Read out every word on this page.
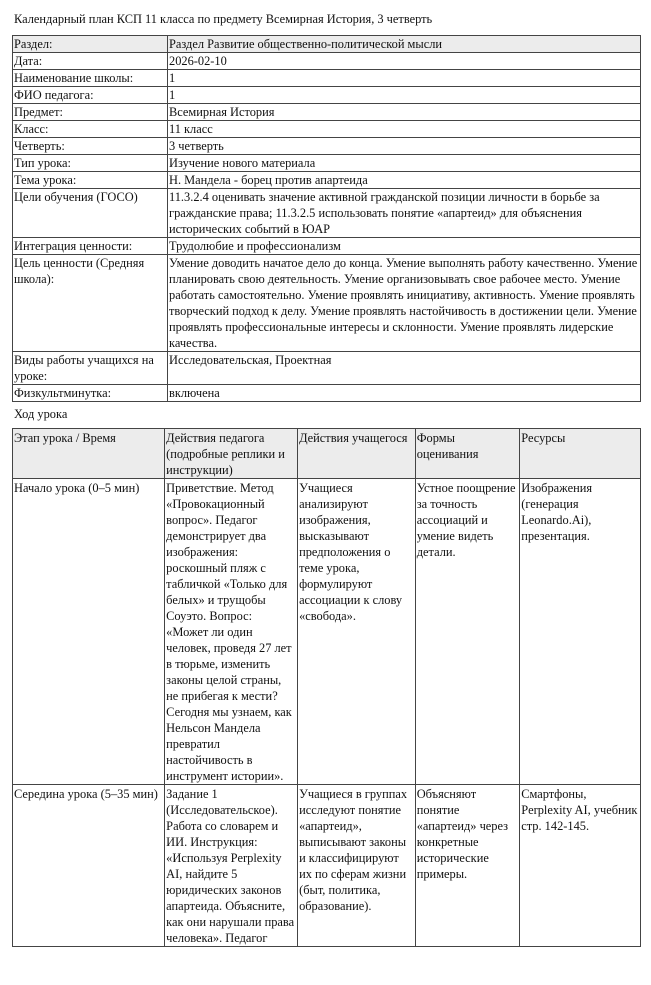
Календарный план КСП 11 класса по предмету Всемирная История, 3 четверть
Раздел:	Раздел Развитие общественно-политической мысли
Дата:	2026-02-10
Наименование школы:	1
ФИО педагога:	1
Предмет:	Всемирная История
Класс:	11 класс
Четверть:	3 четверть
Тип урока:	Изучение нового материала
Тема урока:	Н. Мандела - борец против апартеида
Цели обучения (ГОСО)	11.3.2.4 оценивать значение активной гражданской позиции личности в борьбе за гражданские права; 11.3.2.5 использовать понятие «апартеид» для объяснения исторических событий в ЮАР
Интеграция ценности:	Трудолюбие и профессионализм
Цель ценности (Средняя школа):	Умение доводить начатое дело до конца. Умение выполнять работу качественно. Умение планировать свою деятельность. Умение организовывать свое рабочее место. Умение работать самостоятельно. Умение проявлять инициативу, активность. Умение проявлять творческий подход к делу. Умение проявлять настойчивость в достижении цели. Умение проявлять профессиональные интересы и склонности. Умение проявлять лидерские качества.
Виды работы учащихся на уроке:	Исследовательская, Проектная
Физкультминутка:	включена
Ход урока
Этап урока / Время	Действия педагога (подробные реплики и инструкции)	Действия учащегося	Формы оценивания	Ресурсы
Начало урока (0–5 мин)	Приветствие. Метод «Провокационный вопрос». Педагог демонстрирует два изображения: роскошный пляж с табличкой «Только для белых» и трущобы Соуэто. Вопрос: «Может ли один человек, проведя 27 лет в тюрьме, изменить законы целой страны, не прибегая к мести? Сегодня мы узнаем, как Нельсон Мандела превратил настойчивость в инструмент истории».	Учащиеся анализируют изображения, высказывают предположения о теме урока, формулируют ассоциации к слову «свобода».	Устное поощрение за точность ассоциаций и умение видеть детали.	Изображения (генерация Leonardo.Ai), презентация.
Середина урока (5–35 мин)	Задание 1 (Исследовательское). Работа со словарем и ИИ. Инструкция: «Используя Perplexity AI, найдите 5 юридических законов апартеида. Объясните, как они нарушали права человека». Педагог	Учащиеся в группах исследуют понятие «апартеид», выписывают законы и классифицируют их по сферам жизни (быт, политика, образование).	Объясняют понятие «апартеид» через конкретные исторические примеры.	Смартфоны, Perplexity AI, учебник стр. 142-145.
